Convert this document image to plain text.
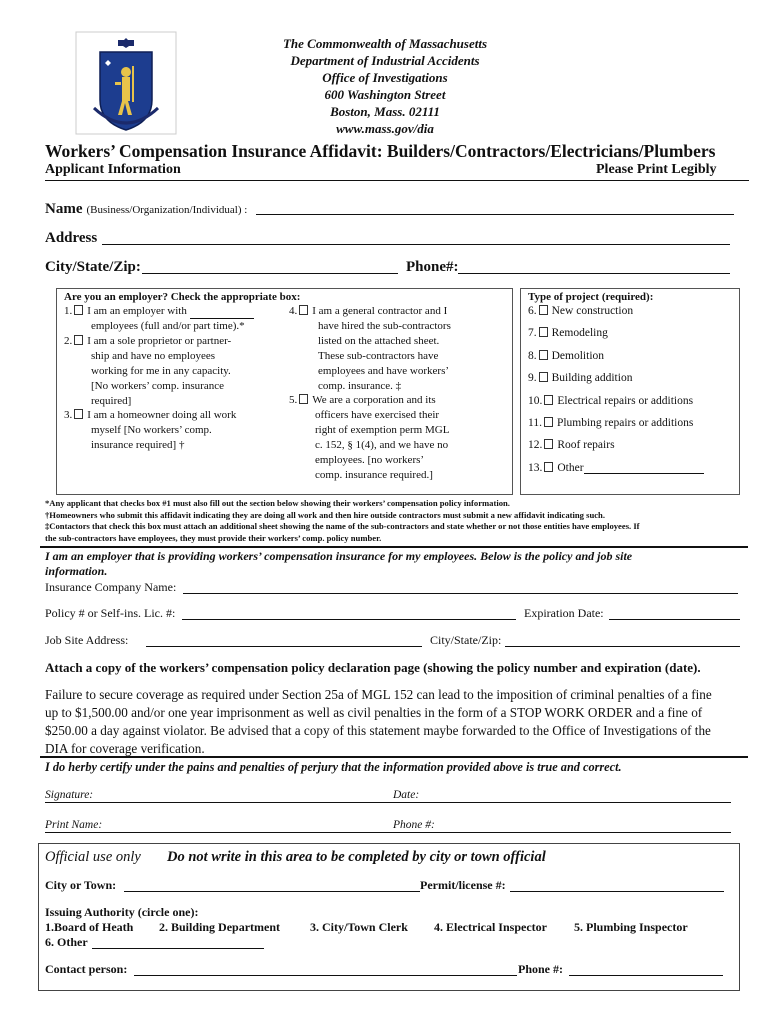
The Commonwealth of Massachusetts
Department of Industrial Accidents
Office of Investigations
600 Washington Street
Boston, Mass. 02111
www.mass.gov/dia
Workers’ Compensation Insurance Affidavit: Builders/Contractors/Electricians/Plumbers
Applicant Information	Please Print Legibly
Name (Business/Organization/Individual) :
Address
City/State/Zip:	Phone#:
Are you an employer? Check the appropriate box:
1. I am an employer with
employees (full and/or part time).*
2. I am a sole proprietor or partner-
ship and have no employees
working for me in any capacity.
[No workers’ comp. insurance
required]
3. I am a homeowner doing all work
myself [No workers’ comp.
insurance required] †
4. I am a general contractor and I
have hired the sub-contractors
listed on the attached sheet.
These sub-contractors have
employees and have workers’
comp. insurance. ‡
5. We are a corporation and its
officers have exercised their
right of exemption perm MGL
c. 152, § 1(4), and we have no
employees. [no workers’
comp. insurance required.]
Type of project (required):
6. New construction
7. Remodeling
8. Demolition
9. Building addition
10. Electrical repairs or additions
11. Plumbing repairs or additions
12. Roof repairs
13. Other
*Any applicant that checks box #1 must also fill out the section below showing their workers’ compensation policy information.
†Homeowners who submit this affidavit indicating they are doing all work and then hire outside contractors must submit a new affidavit indicating such.
‡Contactors that check this box must attach an additional sheet showing the name of the sub-contractors and state whether or not those entities have employees. If
the sub-contractors have employees, they must provide their workers’ comp. policy number.
I am an employer that is providing workers’ compensation insurance for my employees. Below is the policy and job site
information.
Insurance Company Name:
Policy # or Self-ins. Lic. #:	Expiration Date:
Job Site Address:	City/State/Zip:
Attach a copy of the workers’ compensation policy declaration page (showing the policy number and expiration (date).
Failure to secure coverage as required under Section 25a of MGL 152 can lead to the imposition of criminal penalties of a fine
up to $1,500.00 and/or one year imprisonment as well as civil penalties in the form of a STOP WORK ORDER and a fine of
$250.00 a day against violator. Be advised that a copy of this statement maybe forwarded to the Office of Investigations of the
DIA for coverage verification.
I do herby certify under the pains and penalties of perjury that the information provided above is true and correct.
Signature:	Date:
Print Name:	Phone #:
Official use only Do not write in this area to be completed by city or town official
City or Town:	Permit/license #:
Issuing Authority (circle one):
1.Board of Heath 2. Building Department 3. City/Town Clerk 4. Electrical Inspector 5. Plumbing Inspector
6. Other
Contact person:	Phone #:
